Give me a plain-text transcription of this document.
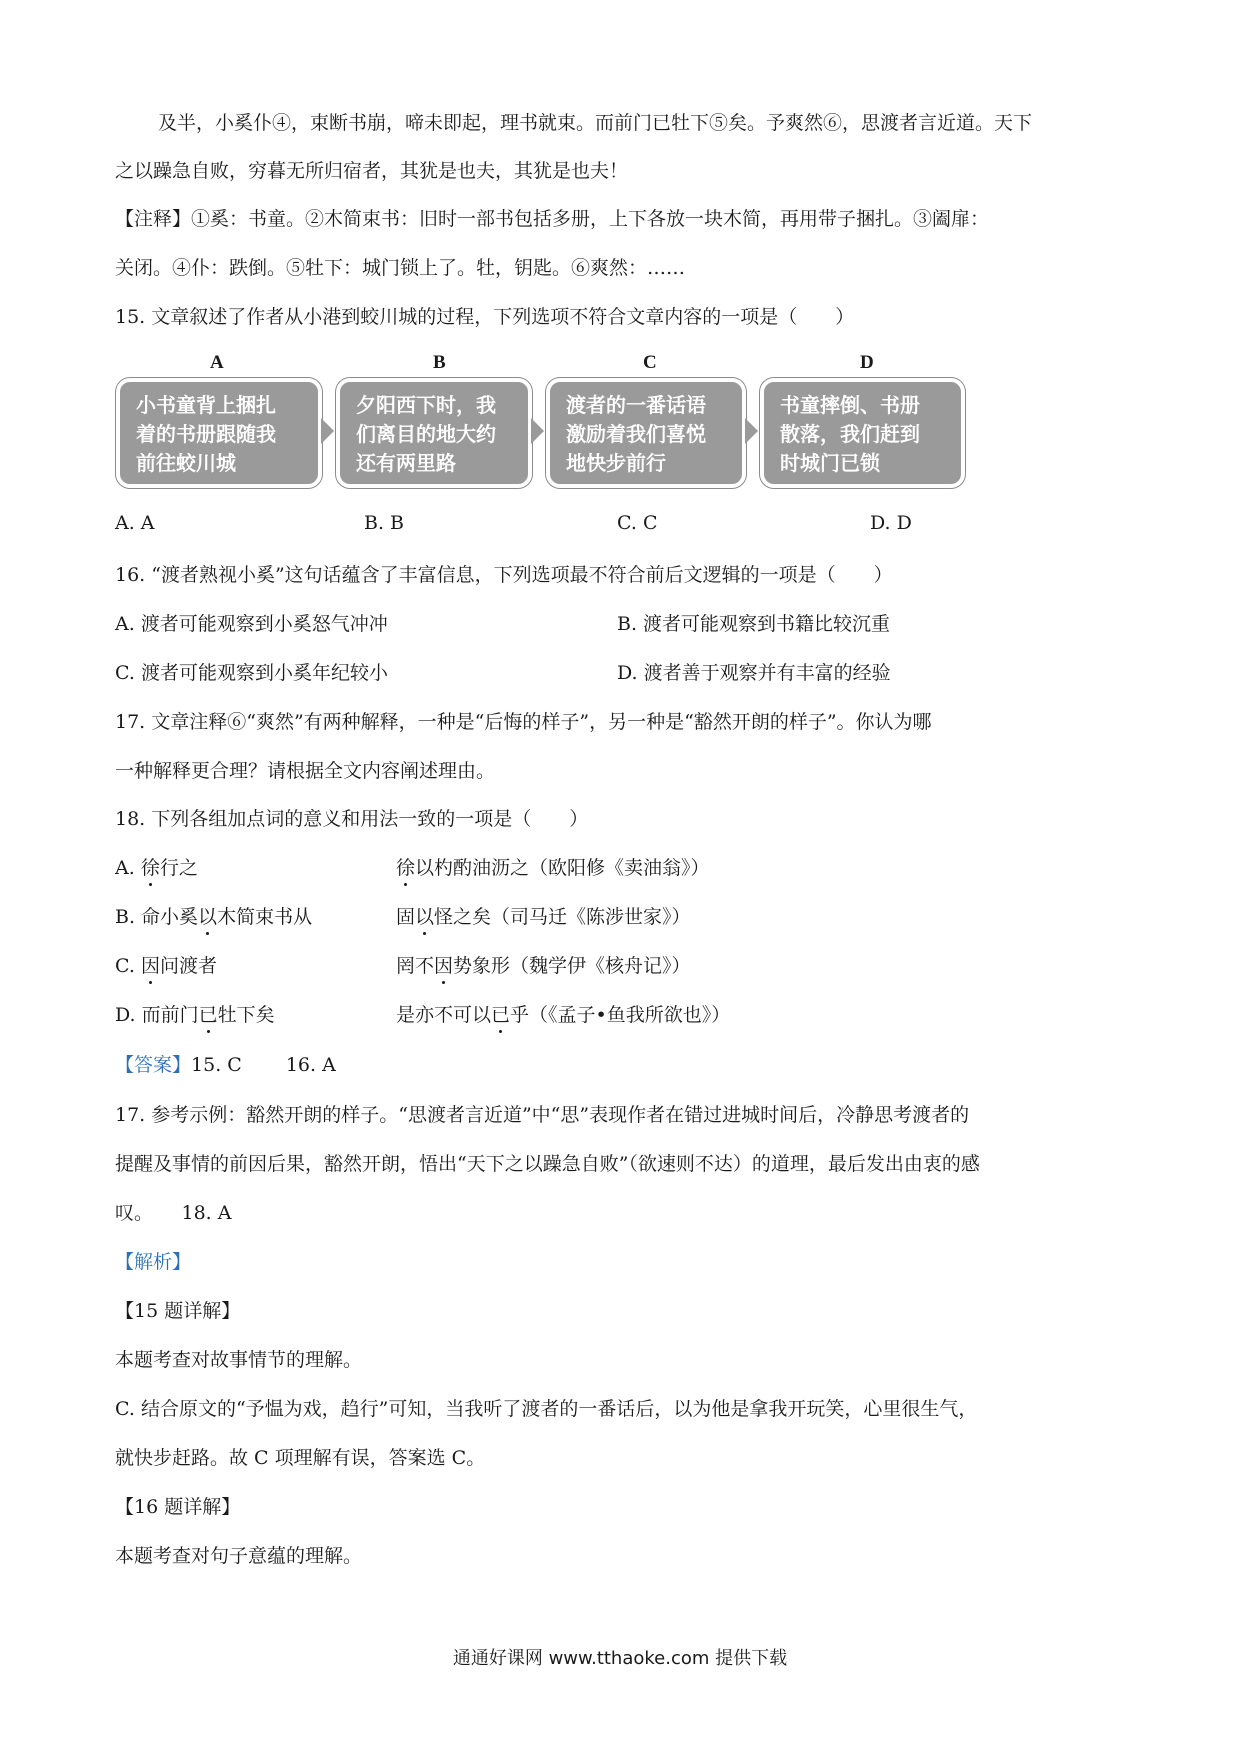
及半，小奚仆④，束断书崩，啼未即起，理书就束。而前门已牡下⑤矣。予爽然⑥，思渡者言近道。天下
之以躁急自败，穷暮无所归宿者，其犹是也夫，其犹是也夫！
【注释】①奚：书童。②木简束书：旧时一部书包括多册，上下各放一块木简，再用带子捆扎。③阖扉：
关闭。④仆：跌倒。⑤牡下：城门锁上了。牡，钥匙。⑥爽然：……
15. 文章叙述了作者从小港到蛟川城的过程，下列选项不符合文章内容的一项是（　　）
A	B	C	D
小书童背上捆扎
着的书册跟随我
前往蛟川城
夕阳西下时，我
们离目的地大约
还有两里路
渡者的一番话语
激励着我们喜悦
地快步前行
书童摔倒、书册
散落，我们赶到
时城门已锁
A. A	B. B	C. C	D. D
16. “渡者熟视小奚”这句话蕴含了丰富信息，下列选项最不符合前后文逻辑的一项是（　　）
A. 渡者可能观察到小奚怒气冲冲	B. 渡者可能观察到书籍比较沉重
C. 渡者可能观察到小奚年纪较小	D. 渡者善于观察并有丰富的经验
17. 文章注释⑥“爽然”有两种解释，一种是“后悔的样子”，另一种是“豁然开朗的样子”。你认为哪
一种解释更合理？请根据全文内容阐述理由。
18. 下列各组加点词的意义和用法一致的一项是（　　）
A. 徐行之	徐以杓酌油沥之（欧阳修《卖油翁》）
B. 命小奚以木简束书从	固以怪之矣（司马迁《陈涉世家》）
C. 因问渡者	罔不因势象形（魏学伊《核舟记》）
D. 而前门已牡下矣	是亦不可以已乎（《孟子•鱼我所欲也》）
【答案】15. C　　 16. A
17. 参考示例：豁然开朗的样子。“思渡者言近道”中“思”表现作者在错过进城时间后，冷静思考渡者的
提醒及事情的前因后果，豁然开朗，悟出“天下之以躁急自败”（欲速则不达）的道理，最后发出由衷的感
叹。　　18. A
【解析】
【15 题详解】
本题考查对故事情节的理解。
C. 结合原文的“予愠为戏，趋行”可知，当我听了渡者的一番话后，以为他是拿我开玩笑，心里很生气，
就快步赶路。故 C 项理解有误，答案选 C。
【16 题详解】
本题考查对句子意蕴的理解。
通通好课网 www.tthaoke.com 提供下载
